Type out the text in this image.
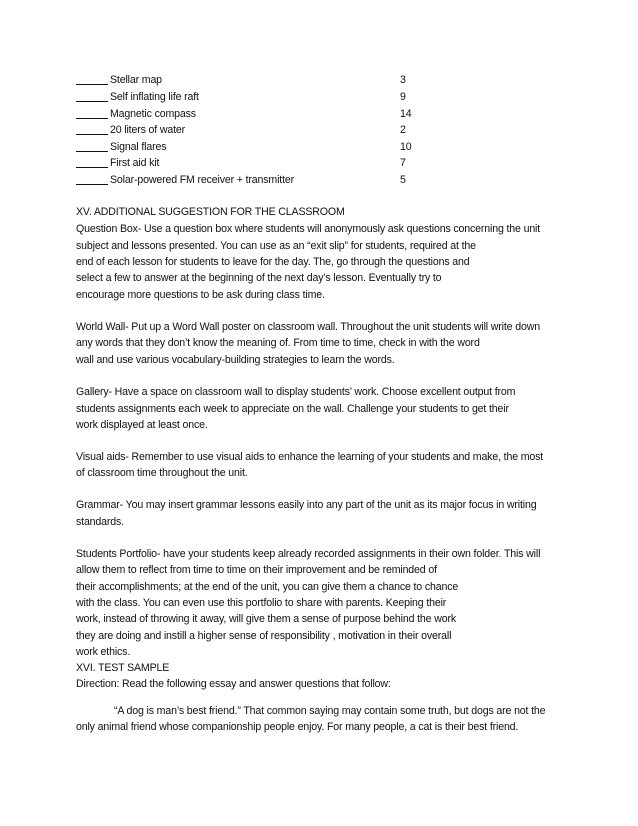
Stellar map	3
Self inflating life raft	9
Magnetic compass	14
20 liters of water	2
Signal flares	10
First aid kit	7
Solar-powered FM receiver + transmitter	5
XV. ADDITIONAL SUGGESTION FOR THE CLASSROOM
Question Box- Use a question box where students will anonymously ask questions concerning the unit
subject and lessons presented. You can use as an “exit slip” for students, required at the
end of each lesson for students to leave for the day. The, go through the questions and
select a few to answer at the beginning of the next day’s lesson. Eventually try to
encourage more questions to be ask during class time.
World Wall- Put up a Word Wall poster on classroom wall. Throughout the unit students will write down
any words that they don’t know the meaning of. From time to time, check in with the word
wall and use various vocabulary-building strategies to learn the words.
Gallery- Have a space on classroom wall to display students’ work. Choose excellent output from
students assignments each week to appreciate on the wall. Challenge your students to get their
work displayed at least once.
Visual aids- Remember to use visual aids to enhance the learning of your students and make, the most
of classroom time throughout the unit.
Grammar- You may insert grammar lessons easily into any part of the unit as its major focus in writing
standards.
Students Portfolio- have your students keep already recorded assignments in their own folder. This will
allow them to reflect from time to time on their improvement and be reminded of
their accomplishments; at the end of the unit, you can give them a chance to chance
with the class. You can even use this portfolio to share with parents. Keeping their
work, instead of throwing it away, will give them a sense of purpose behind the work
they are doing and instill a higher sense of responsibility , motivation in their overall
work ethics.
XVI. TEST SAMPLE
Direction: Read the following essay and answer questions that follow:
“A dog is man’s best friend.” That common saying may contain some truth, but dogs are not the
only animal friend whose companionship people enjoy. For many people, a cat is their best friend.
